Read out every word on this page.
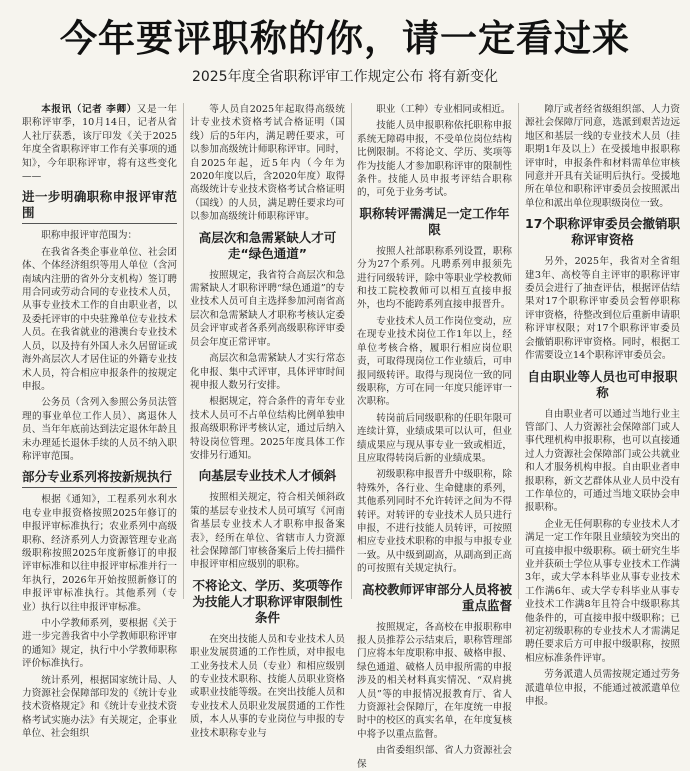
今年要评职称的你，请一定看过来
2025年度全省职称评审工作规定公布 将有新变化

本报讯（记者 李卿）又是一年职称评审季，10月14日，记者从省人社厅获悉，该厅印发《关于2025年度全省职称评审工作有关事项的通知》，今年职称评审，将有这些变化——

进一步明确职称申报评审范围

职称申报评审范围为：

在我省各类企事业单位、社会团体、个体经济组织等用人单位（含河南域内注册的省外分支机构）签订聘用合同或劳动合同的专业技术人员，从事专业技术工作的自由职业者，以及委托评审的中央驻豫单位专业技术人员。在我省就业的港澳台专业技术人员，以及持有外国人永久居留证或海外高层次人才居住证的外籍专业技术人员，符合相应申报条件的按规定申报。

公务员（含列入参照公务员法管理的事业单位工作人员）、离退休人员、当年年底前达到法定退休年龄且未办理延长退休手续的人员不纳入职称评审范围。

部分专业系列将按新规执行

根据《通知》，工程系列水利水电专业申报资格按照2025年修订的申报评审标准执行；农业系列中高级职称、经济系列人力资源管理专业高级职称按照2025年度新修订的申报评审标准和以往申报评审标准并行一年执行，2026年开始按照新修订的申报评审标准执行。其他系列（专业）执行以往申报评审标准。

中小学教师系列，要根据《关于进一步完善我省中小学教师职称评审的通知》规定，执行中小学教师职称评价标准执行。

统计系列，根据国家统计局、人力资源社会保障部印发的《统计专业技术资格规定》和《统计专业技术资格考试实施办法》有关规定，企事业单位、社会组织

等人员自2025年起取得高级统计专业技术资格考试合格证明（国线）后的5年内，满足聘任要求，可以参加高级统计师职称评审。同时，自2025年起，近5年内（今年为2020年度以后，含2020年度）取得高级统计专业技术资格考试合格证明（国线）的人员，满足聘任要求均可以参加高级统计师职称评审。

高层次和急需紧缺人才可走“绿色通道”

按照规定，我省符合高层次和急需紧缺人才职称评聘“绿色通道”的专业技术人员可自主选择参加河南省高层次和急需紧缺人才职称考核认定委员会评审或者各系列高级职称评审委员会年度正常评审。

高层次和急需紧缺人才实行常态化申报、集中式评审，具体评审时间视申报人数另行安排。

根据规定，符合条件的青年专业技术人员可不占单位结构比例单独申报高级职称评考核认定，通过后纳入特设岗位管理。2025年度具体工作安排另行通知。

向基层专业技术人才倾斜

按照相关规定，符合相关倾斜政策的基层专业技术人员可填写《河南省基层专业技术人才职称申报备案表》，经所在单位、省辖市人力资源社会保障部门审核备案后上传扫描件申报评审相应级别的职称。

不将论文、学历、奖项等作为技能人才职称评审限制性条件

在突出技能人员和专业技术人员职业发展贯通的工作性质，对申报电工业务技术人员（专业）和相应级别的专业技术职称、技能人员职业资格或职业技能等级。在突出技能人员和专业技术人员职业发展贯通的工作性质，本人从事的专业岗位与申报的专业技术职称专业与

职业（工种）专业相同或相近。

技能人员申报职称依托职称申报系统无障碍申报，不受单位岗位结构比例限制。不将论文、学历、奖项等作为技能人才参加职称评审的限制性条件。技能人员申报考评结合职称的，可免于业务考试。

职称转评需满足一定工作年限

按照人社部职称系列设置，职称分为27个系列。凡聘系列申报须先进行同级转评，除中等职业学校教师和技工院校教师可以相互直接申报外，也均不能跨系列直接申报晋升。

专业技术人员工作岗位变动，应在现专业技术岗位工作1年以上，经单位考核合格，履职行相应岗位职责，可取得现岗位工作业绩后，可申报同级转评。取得与现岗位一致的同级职称，方可在同一年度只能评审一次职称。

转岗前后同级职称的任职年限可连续计算，业绩成果可以认可，但业绩成果应与现从事专业一致或相近，且应取得转岗后新的业绩成果。

初级职称申报晋升中级职称，除特殊外，各行业、生命健康的系列，其他系列同时不允许转评之间为不得转评。对转评的专业技术人员只进行申报，不进行技能人员转评，可按照相应专业技术职称的申报与申报专业一致。从中级到副高，从副高到正高的可按照有关规定执行。

高校教师评审部分人员将被重点监督

按照规定，各高校在申报职称申报人员推荐公示结束后，职称管理部门应将本年度职称申报、破格申报、绿色通道、破格人员申报所需的申报涉及的相关材料真实情况、“双肩挑人员”等的申报情况报教育厅、省人力资源社会保障厅，在年度统一申报时中的校区的真实名单，在年度复核中将予以重点监督。

由省委组织部、省人力资源社会保

障厅或者经省级组织部、人力资源社会保障厅同意，选派到艰苦边远地区和基层一线的专业技术人员（挂职期1年及以上）在受援地申报职称评审时，申报条件和材料需单位审核同意并开具有关证明后执行。受援地所在单位和职称评审委员会按照派出单位和派出单位现职级岗位一致。

17个职称评审委员会撤销职称评审资格

另外，2025年，我省对全省组建3年、高校等自主评审的职称评审委员会进行了抽查评估，根据评估结果对17个职称评审委员会暂停职称评审资格，待整改到位后重新申请职称评审权限；对17个职称评审委员会撤销职称评审资格。同时，根据工作需要设立14个职称评审委员会。

自由职业等人员也可申报职称

自由职业者可以通过当地行业主管部门、人力资源社会保障部门或人事代理机构申报职称，也可以直接通过人力资源社会保障部门或公共就业和人才服务机构申报。自由职业者申报职称，新文艺群体从业人员中没有工作单位的，可通过当地文联协会申报职称。

企业无任何职称的专业技术人才满足一定工作年限且业绩较为突出的可直接申报中级职称。硕士研究生毕业并获硕士学位从事专业技术工作满3年，或大学本科毕业从事专业技术工作满6年、或大学专科毕业从事专业技术工作满8年且符合中级职称其他条件的，可直接申报中级职称；已初定初级职称的专业技术人才需满足聘任要求后方可申报中级职称，按照相应标准条件评审。

劳务派遣人员需按规定通过劳务派遣单位申报，不能通过被派遣单位申报。
